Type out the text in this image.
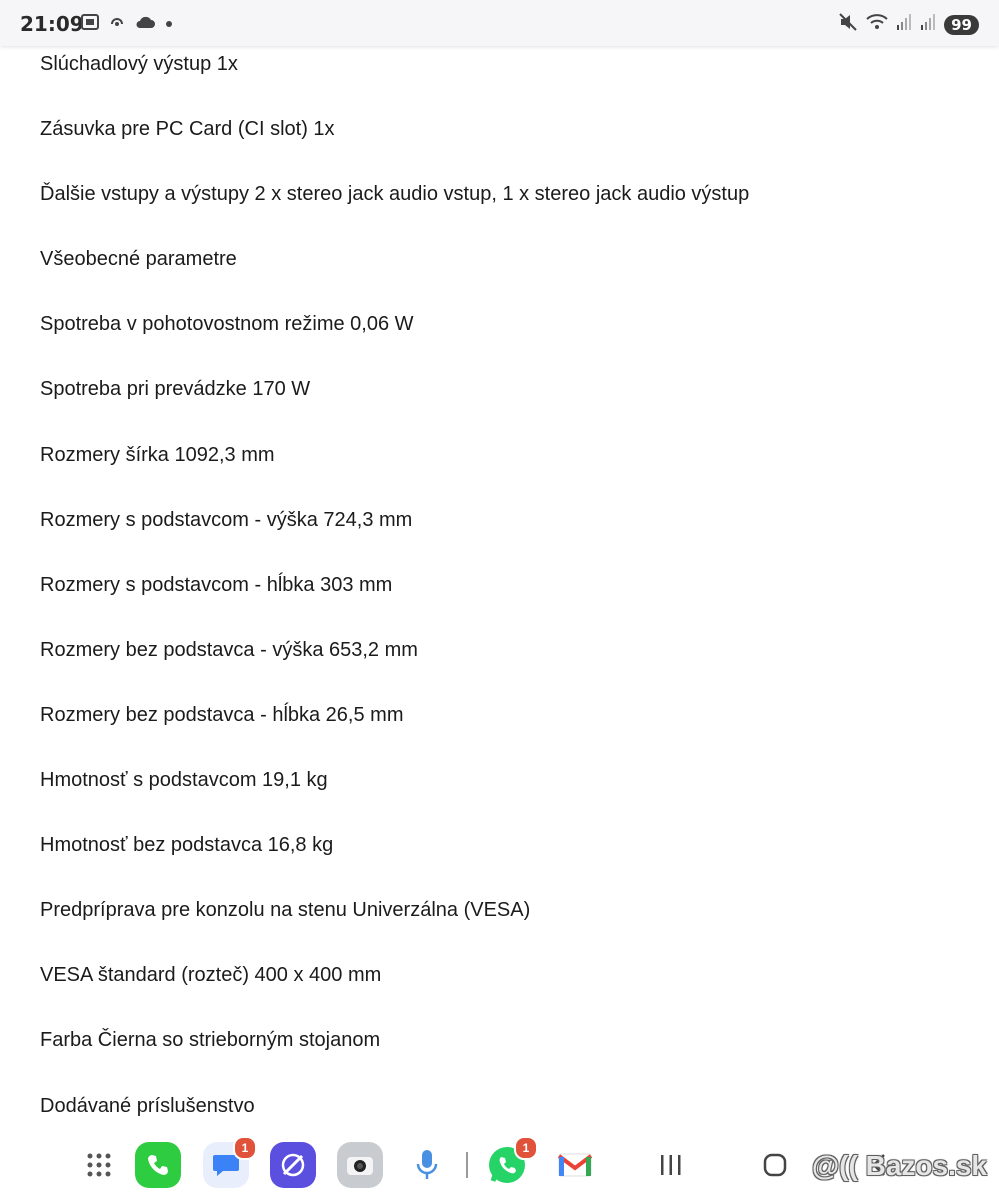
21:09	99
Slúchadlový výstup 1x
Zásuvka pre PC Card (CI slot) 1x
Ďalšie vstupy a výstupy 2 x stereo jack audio vstup, 1 x stereo jack audio výstup
Všeobecné parametre
Spotreba v pohotovostnom režime 0,06 W
Spotreba pri prevádzke 170 W
Rozmery šírka 1092,3 mm
Rozmery s podstavcom - výška 724,3 mm
Rozmery s podstavcom - hĺbka 303 mm
Rozmery bez podstavca - výška 653,2 mm
Rozmery bez podstavca - hĺbka 26,5 mm
Hmotnosť s podstavcom 19,1 kg
Hmotnosť bez podstavca 16,8 kg
Predpríprava pre konzolu na stenu Univerzálna (VESA)
VESA štandard (rozteč) 400 x 400 mm
Farba Čierna so strieborným stojanom
Dodávané príslušenstvo
1	1
@(( Bazos.sk
